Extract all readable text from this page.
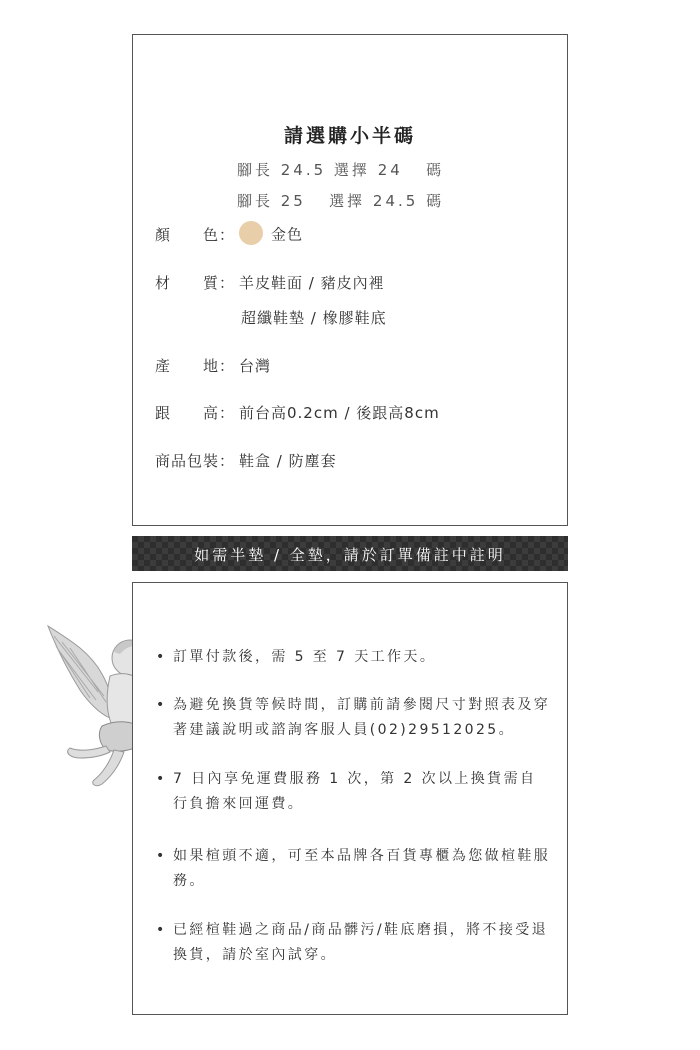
請選購小半碼
腳長 24.5 選擇 24   碼
腳長 25   選擇 24.5 碼
顏　　色： 金色
材　　質： 羊皮鞋面 / 豬皮內裡
超纖鞋墊 / 橡膠鞋底
產　　地： 台灣
跟　　高： 前台高0.2cm / 後跟高8cm
商品包裝： 鞋盒 / 防塵套
如需半墊 / 全墊，請於訂單備註中註明
• 訂單付款後，需 5 至 7 天工作天。
• 為避免換貨等候時間，訂購前請參閱尺寸對照表及穿著建議說明或諮詢客服人員(02)29512025。
• 7 日內享免運費服務 1 次，第 2 次以上換貨需自行負擔來回運費。
• 如果楦頭不適，可至本品牌各百貨專櫃為您做楦鞋服務。
• 已經楦鞋過之商品/商品髒污/鞋底磨損，將不接受退換貨，請於室內試穿。
